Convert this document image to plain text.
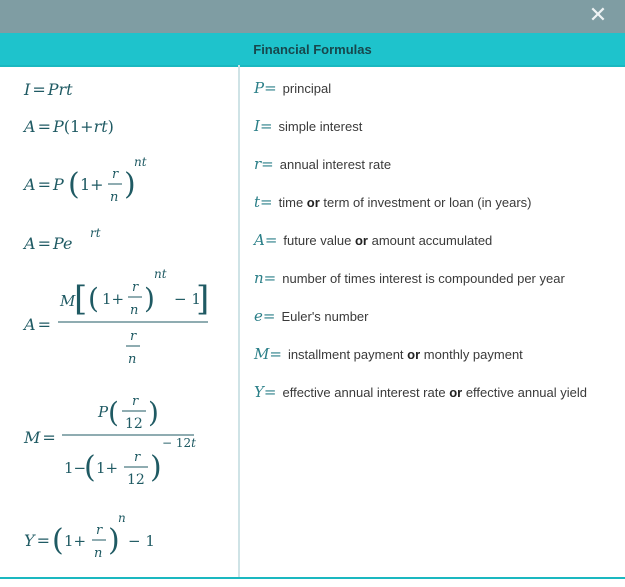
✕
Financial Formulas
I = Prt
A = P(1+rt)
A = P ( 1+
r
n )
nt
A = Pe
rt
A =
M
[ ( 1+
r
n )
nt
− 1
]
r
n
M =
P ( r
12 )
1−
( 1+
r
12 )
− 12t
Y = ( 1+
r
n )
n
− 1
P= principal
I= simple interest
r= annual interest rate
t= time or term of investment or loan (in years)
A= future value or amount accumulated
n= number of times interest is compounded per year
e= Euler's number
M= installment payment or monthly payment
Y= effective annual interest rate or effective annual yield
